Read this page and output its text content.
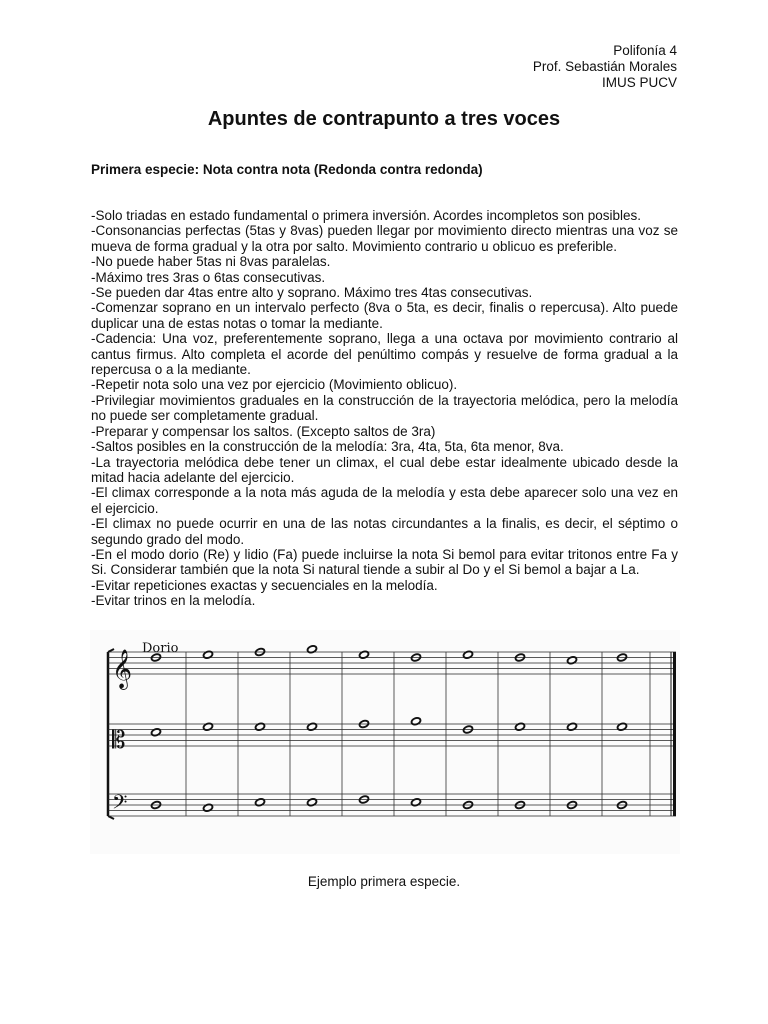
Polifonía 4
Prof. Sebastián Morales
IMUS PUCV
Apuntes de contrapunto a tres voces
Primera especie: Nota contra nota (Redonda contra redonda)

-Solo triadas en estado fundamental o primera inversión. Acordes incompletos son posibles.

-Consonancias perfectas (5tas y 8vas) pueden llegar por movimiento directo mientras una voz se mueva de forma gradual y la otra por salto. Movimiento contrario u oblicuo es preferible.

-No puede haber 5tas ni 8vas paralelas.

-Máximo tres 3ras o 6tas consecutivas.

-Se pueden dar 4tas entre alto y soprano. Máximo tres 4tas consecutivas.

-Comenzar soprano en un intervalo perfecto (8va o 5ta, es decir, finalis o repercusa). Alto puede duplicar una de estas notas o tomar la mediante.

-Cadencia: Una voz, preferentemente soprano, llega a una octava por movimiento contrario al cantus firmus. Alto completa el acorde del penúltimo compás y resuelve de forma gradual a la repercusa o a la mediante.

-Repetir nota solo una vez por ejercicio (Movimiento oblicuo).

-Privilegiar movimientos graduales en la construcción de la trayectoria melódica, pero la melodía no puede ser completamente gradual.

-Preparar y compensar los saltos. (Excepto saltos de 3ra)

-Saltos posibles en la construcción de la melodía: 3ra, 4ta, 5ta, 6ta menor, 8va.

-La trayectoria melódica debe tener un climax, el cual debe estar idealmente ubicado desde la mitad hacia adelante del ejercicio.

-El climax corresponde a la nota más aguda de la melodía y esta debe aparecer solo una vez en el ejercicio.

-El climax no puede ocurrir en una de las notas circundantes a la finalis, es decir, el séptimo o segundo grado del modo.

-En el modo dorio (Re) y lidio (Fa) puede incluirse la nota Si bemol para evitar tritonos entre Fa y Si. Considerar también que la nota Si natural tiende a subir al Do y el Si bemol a bajar a La.

-Evitar repeticiones exactas y secuenciales en la melodía.

-Evitar trinos en la melodía.

Dorio
𝄞
𝄡
𝄢
Ejemplo primera especie.
